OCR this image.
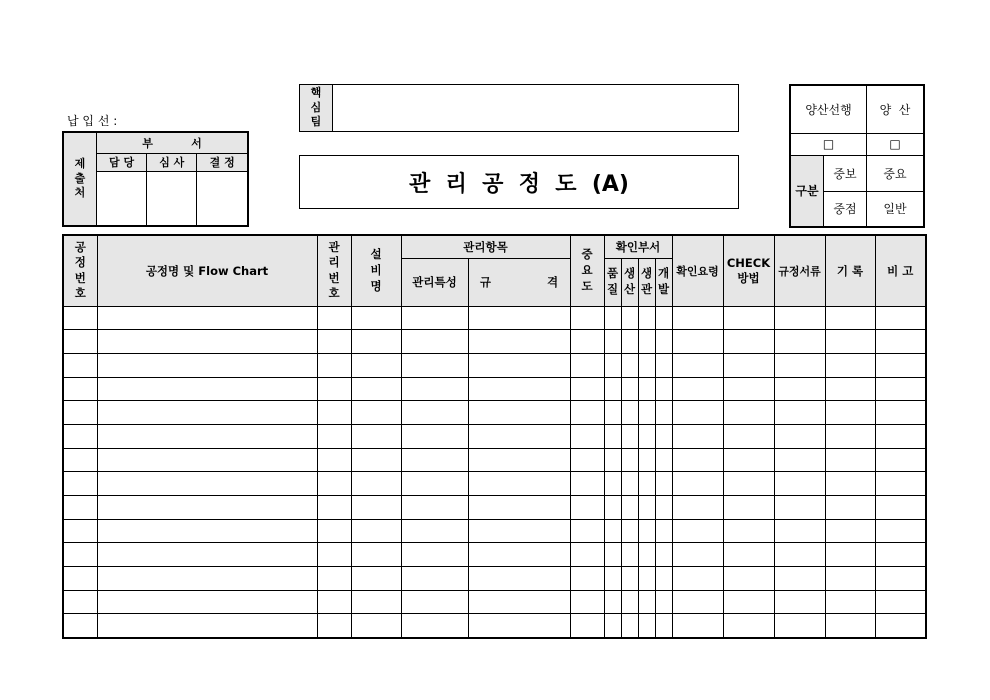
납 입 선 :
제출처	부          서		
	담 당	심 사	결 정

핵심팀	
관  리  공  정  도  (A)
양산선행		양  산
□		□
구분	중보	중요
	중점	일반
공정번호	공정명 및 Flow Chart	관리번호	설비명	관리항목		중요도	확인부서				확인요령	CHECK 방법	규정서류	기 록	비 고
				관리특성	규              격		품질	생산	생관	개발					
